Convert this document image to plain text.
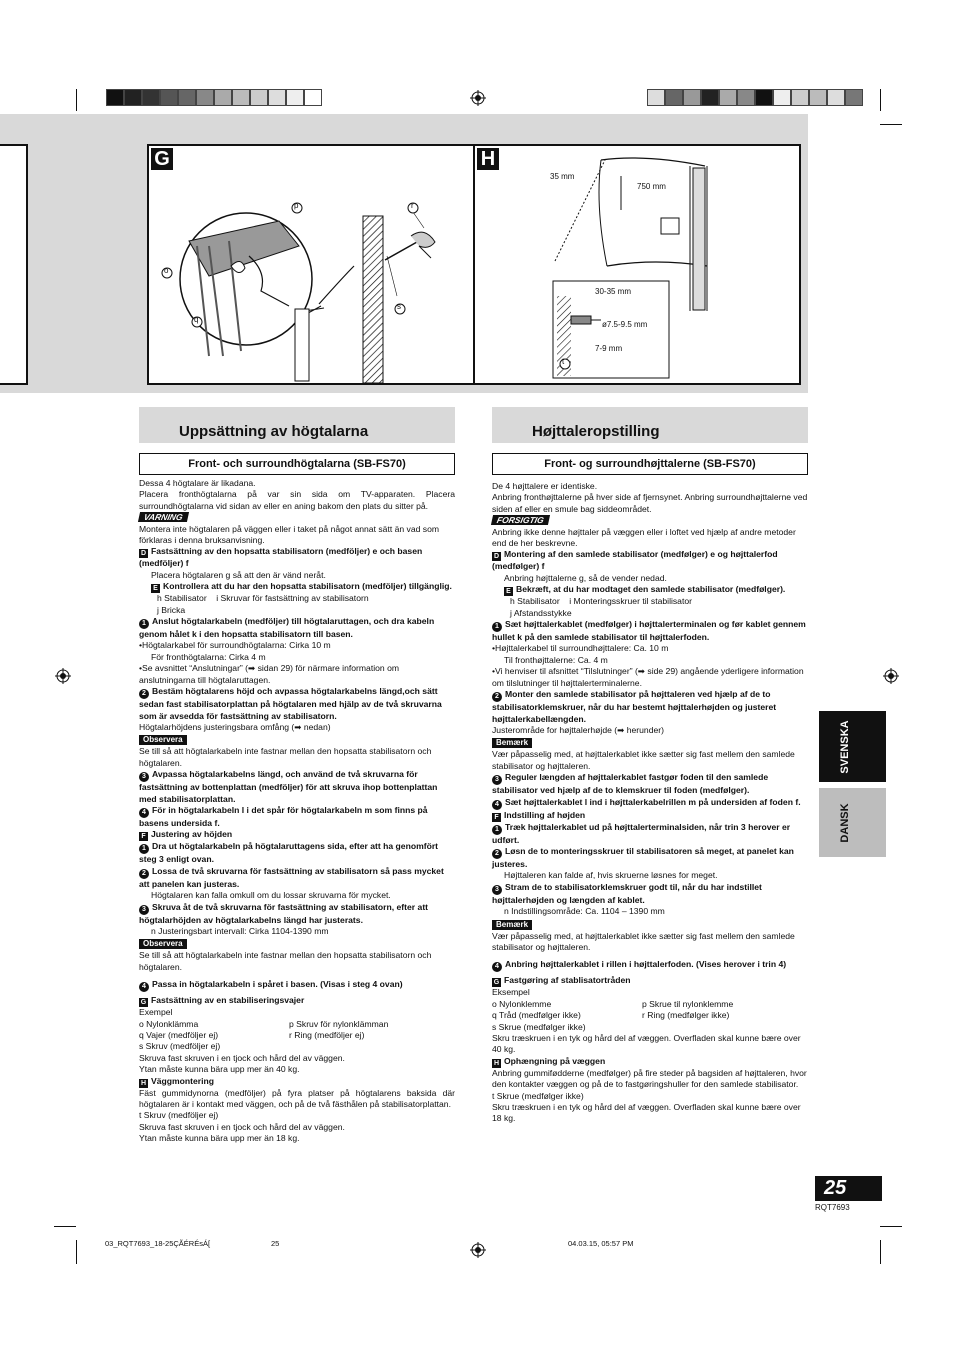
G	H
p
o
q
r
s
35 mm
750 mm
30-35 mm
ø7.5-9.5 mm
7-9 mm
t
Uppsättning av högtalarna
Front- och surroundhögtalarna (SB-FS70)

Dessa 4 högtalare är likadana.

Placera fronthögtalarna på var sin sida om TV-apparaten. Placera surroundhögtalarna vid sidan av eller en aning bakom den plats du sitter på.

VARNING

Montera inte högtalaren på väggen eller i taket på något annat sätt än vad som förklaras i denna bruksanvisning.

D Fastsättning av den hopsatta stabilisatorn (medföljer) e och basen (medföljer) f

Placera högtalaren g så att den är vänd neråt.

E Kontrollera att du har den hopsatta stabilisatorn (medföljer) tillgänglig.

h Stabilisator i Skruvar för fastsättning av stabilisatorn

j Bricka

1 Anslut högtalarkabeln (medföljer) till högtalaruttagen, och dra kabeln genom hålet k i den hopsatta stabilisatorn till basen.

•Högtalarkabel för surroundhögtalarna: Cirka 10 m

För fronthögtalarna: Cirka 4 m

•Se avsnittet “Anslutningar” (➡ sidan 29) för närmare information om anslutningarna till högtalaruttagen.

2 Bestäm högtalarens höjd och avpassa högtalarkabelns längd,och sätt sedan fast stabilisatorplattan på högtalaren med hjälp av de två skruvarna som är avsedda för fastsättning av stabilisatorn.

Högtalarhöjdens justeringsbara omfång (➡ nedan)

Observera

Se till så att högtalarkabeln inte fastnar mellan den hopsatta stabilisatorn och högtalaren.

3 Avpassa högtalarkabelns längd, och använd de två skruvarna för fastsättning av bottenplattan (medföljer) för att skruva ihop bottenplattan med stabilisatorplattan.

4 För in högtalarkabeln l i det spår för högtalarkabeln m som finns på basens undersida f.

F Justering av höjden

1 Dra ut högtalarkabeln på högtalaruttagens sida, efter att ha genomfört steg 3 enligt ovan.

2 Lossa de två skruvarna för fastsättning av stabilisatorn så pass mycket att panelen kan justeras.

Högtalaren kan falla omkull om du lossar skruvarna för mycket.

3 Skruva åt de två skruvarna för fastsättning av stabilisatorn, efter att högtalarhöjden av högtalarkabelns längd har justerats.

n Justeringsbart intervall: Cirka 1104-1390 mm

Observera

Se till så att högtalarkabeln inte fastnar mellan den hopsatta stabilisatorn och högtalaren.

4 Passa in högtalarkabeln i spåret i basen. (Visas i steg 4 ovan)

G Fastsättning av en stabiliseringsvajer

Exempel

o Nylonklämma	p Skruv för nylonklämman

q Vajer (medföljer ej)	r Ring (medföljer ej)

s Skruv (medföljer ej)

Skruva fast skruven i en tjock och hård del av väggen.

Ytan måste kunna bära upp mer än 40 kg.

H Väggmontering

Fäst gummidynorna (medföljer) på fyra platser på högtalarens baksida där högtalaren är i kontakt med väggen, och på de två fästhålen på stabilisatorplattan.

t Skruv (medföljer ej)

Skruva fast skruven i en tjock och hård del av väggen.

Ytan måste kunna bära upp mer än 18 kg.

Højttaleropstilling
Front- og surroundhøjttalerne (SB-FS70)

De 4 højttalere er identiske.

Anbring fronthøjttalerne på hver side af fjernsynet. Anbring surroundhøjttalerne ved siden af eller en smule bag siddeområdet.

FORSIGTIG

Anbring ikke denne højttaler på væggen eller i loftet ved hjælp af andre metoder end de her beskrevne.

D Montering af den samlede stabilisator (medfølger) e og højttalerfod (medfølger) f

Anbring højttalerne g, så de vender nedad.

E Bekræft, at du har modtaget den samlede stabilisator (medfølger).

h Stabilisator i Monteringsskruer til stabilisator

j Afstandsstykke

1 Sæt højttalerkablet (medfølger) i højttalerterminalen og før kablet gennem hullet k på den samlede stabilisator til højttalerfoden.

•Højttalerkabel til surroundhøjttalere: Ca. 10 m

Til fronthøjttalerne: Ca. 4 m

•Vi henviser til afsnittet “Tilslutninger” (➡ side 29) angående yderligere information om tilslutninger til højttalerterminalerne.

2 Monter den samlede stabilisator på højttaleren ved hjælp af de to stabilisatorklemskruer, når du har bestemt højttalerhøjden og justeret højttalerkabellængden.

Justerområde for højttalerhøjde (➡ herunder)

Bemærk

Vær påpasselig med, at højttalerkablet ikke sætter sig fast mellem den samlede stabilisator og højttaleren.

3 Reguler længden af højttalerkablet fastgør foden til den samlede stabilisator ved hjælp af de to klemskruer til foden (medfølger).

4 Sæt højttalerkablet l ind i højttalerkabelrillen m på undersiden af foden f.

F Indstilling af højden

1 Træk højttalerkablet ud på højttalerterminalsiden, når trin 3 herover er udført.

2 Løsn de to monteringsskruer til stabilisatoren så meget, at panelet kan justeres.

Højttaleren kan falde af, hvis skruerne løsnes for meget.

3 Stram de to stabilisatorklemskruer godt til, når du har indstillet højttalerhøjden og længden af kablet.

n Indstillingsområde: Ca. 1104 – 1390 mm

Bemærk

Vær påpasselig med, at højttalerkablet ikke sætter sig fast mellem den samlede stabilisator og højttaleren.

4 Anbring højttalerkablet i rillen i højttalerfoden. (Vises herover i trin 4)

G Fastgøring af stablisatortråden

Eksempel

o Nylonklemme	p Skrue til nylonklemme

q Tråd (medfølger ikke)	r Ring (medfølger ikke)

s Skrue (medfølger ikke)

Skru træskruen i en tyk og hård del af væggen. Overfladen skal kunne bære over 40 kg.

H Ophængning på væggen

Anbring gummifødderne (medfølger) på fire steder på bagsiden af højttaleren, hvor den kontakter væggen og på de to fastgøringshuller for den samlede stabilisator.

t Skrue (medfølger ikke)

Skru træskruen i en tyk og hård del af væggen. Overfladen skal kunne bære over 18 kg.

SVENSKA
DANSK
25
RQT7693
03_RQT7693_18-25ÇÃÉRÉsÁ[	25	04.03.15, 05:57 PM
